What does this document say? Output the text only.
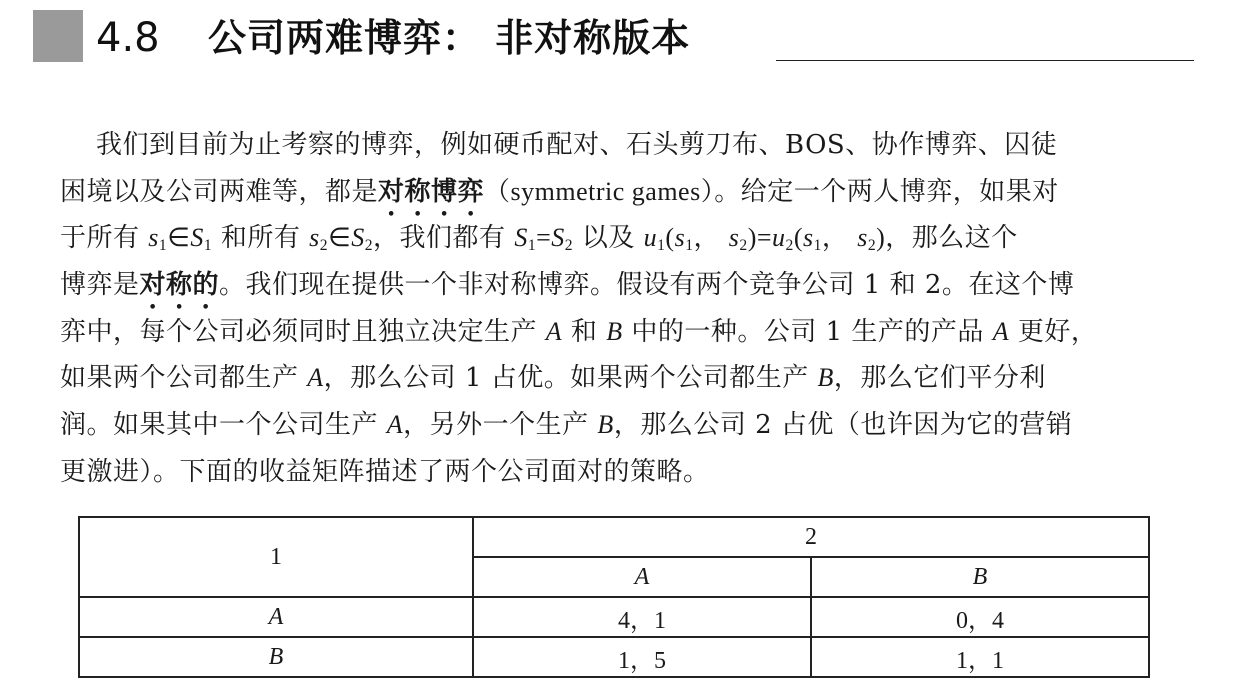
4.8 公司两难博弈： 非对称版本
我们到目前为止考察的博弈，例如硬币配对、石头剪刀布、BOS、协作博弈、囚徒
困境以及公司两难等，都是对称博弈（symmetric games）。给定一个两人博弈，如果对
于所有 $s_1\in S_1$ 和所有 $s_2\in S_2$，我们都有 $S_1=S_2$ 以及 $u_1(s_1$， $s_2)=u_2(s_1$， $s_2$)，那么这个
博弈是对称的。我们现在提供一个非对称博弈。假设有两个竞争公司 1 和 2。在这个博
弈中，每个公司必须同时且独立决定生产 A 和 B 中的一种。公司 1 生产的产品 A 更好，
如果两个公司都生产 A，那么公司 1 占优。如果两个公司都生产 B，那么它们平分利
润。如果其中一个公司生产 A，另外一个生产 B，那么公司 2 占优（也许因为它的营销
更激进）。下面的收益矩阵描述了两个公司面对的策略。
1	2	
	A	B
A	4，1	0，4
B	1，5	1，1
